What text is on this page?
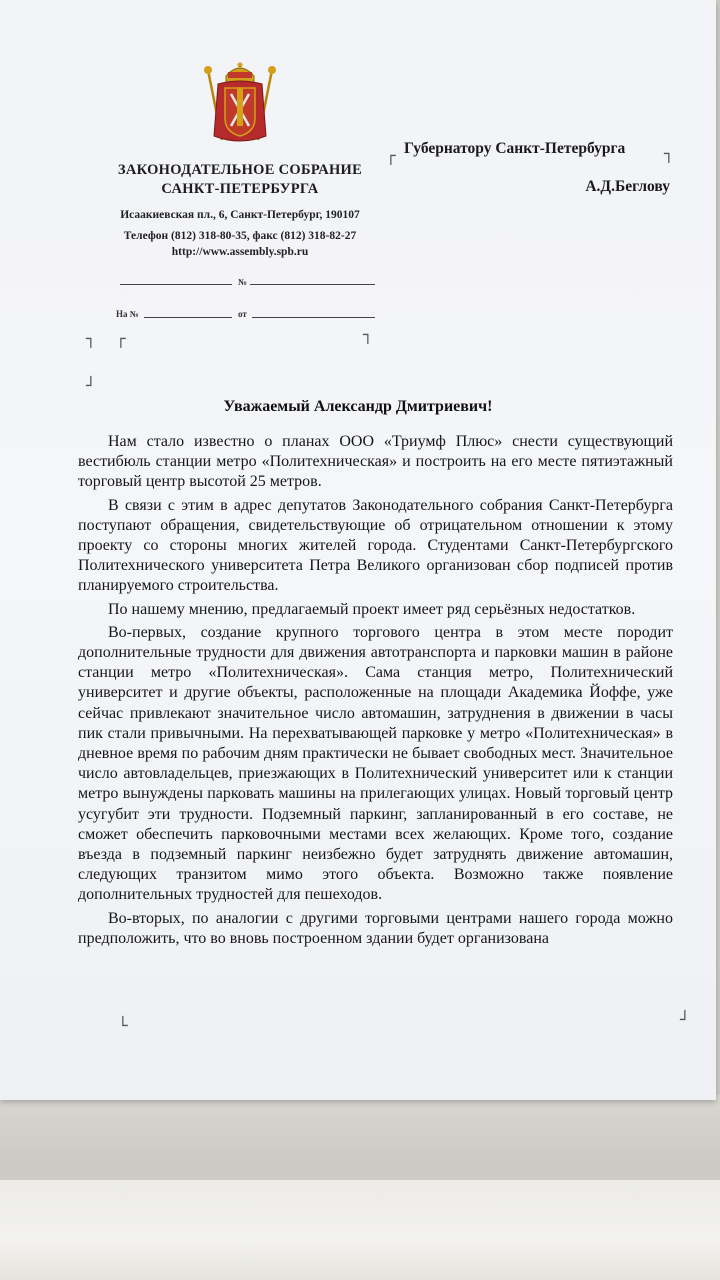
ЗАКОНОДАТЕЛЬНОЕ СОБРАНИЕ
САНКТ-ПЕТЕРБУРГА
Исаакиевская пл., 6, Санкт-Петербург, 190107
Телефон (812) 318-80-35, факс (812) 318-82-27
http://www.assembly.spb.ru
№
На №	от
┐ ┌	┐
┘
┌	┐
└	┘
Губернатору Санкт-Петербурга
А.Д.Беглову
Уважаемый Александр Дмитриевич!

Нам стало известно о планах ООО «Триумф Плюс» снести существующий вестибюль станции метро «Политехническая» и построить на его месте пятиэтажный торговый центр высотой 25 метров.

В связи с этим в адрес депутатов Законодательного собрания Санкт-Петербурга поступают обращения, свидетельствующие об отрицательном отношении к этому проекту со стороны многих жителей города. Студентами Санкт-Петербургского Политехнического университета Петра Великого организован сбор подписей против планируемого строительства.

По нашему мнению, предлагаемый проект имеет ряд серьёзных недостатков.

Во-первых, создание крупного торгового центра в этом месте породит дополнительные трудности для движения автотранспорта и парковки машин в районе станции метро «Политехническая». Сама станция метро, Политехнический университет и другие объекты, расположенные на площади Академика Йоффе, уже сейчас привлекают значительное число автомашин, затруднения в движении в часы пик стали привычными. На перехватывающей парковке у метро «Политехническая» в дневное время по рабочим дням практически не бывает свободных мест. Значительное число автовладельцев, приезжающих в Политехнический университет или к станции метро вынуждены парковать машины на прилегающих улицах. Новый торговый центр усугубит эти трудности. Подземный паркинг, запланированный в его составе, не сможет обеспечить парковочными местами всех желающих. Кроме того, создание въезда в подземный паркинг неизбежно будет затруднять движение автомашин, следующих транзитом мимо этого объекта. Возможно также появление дополнительных трудностей для пешеходов.

Во-вторых, по аналогии с другими торговыми центрами нашего города можно предположить, что во вновь построенном здании будет организована
